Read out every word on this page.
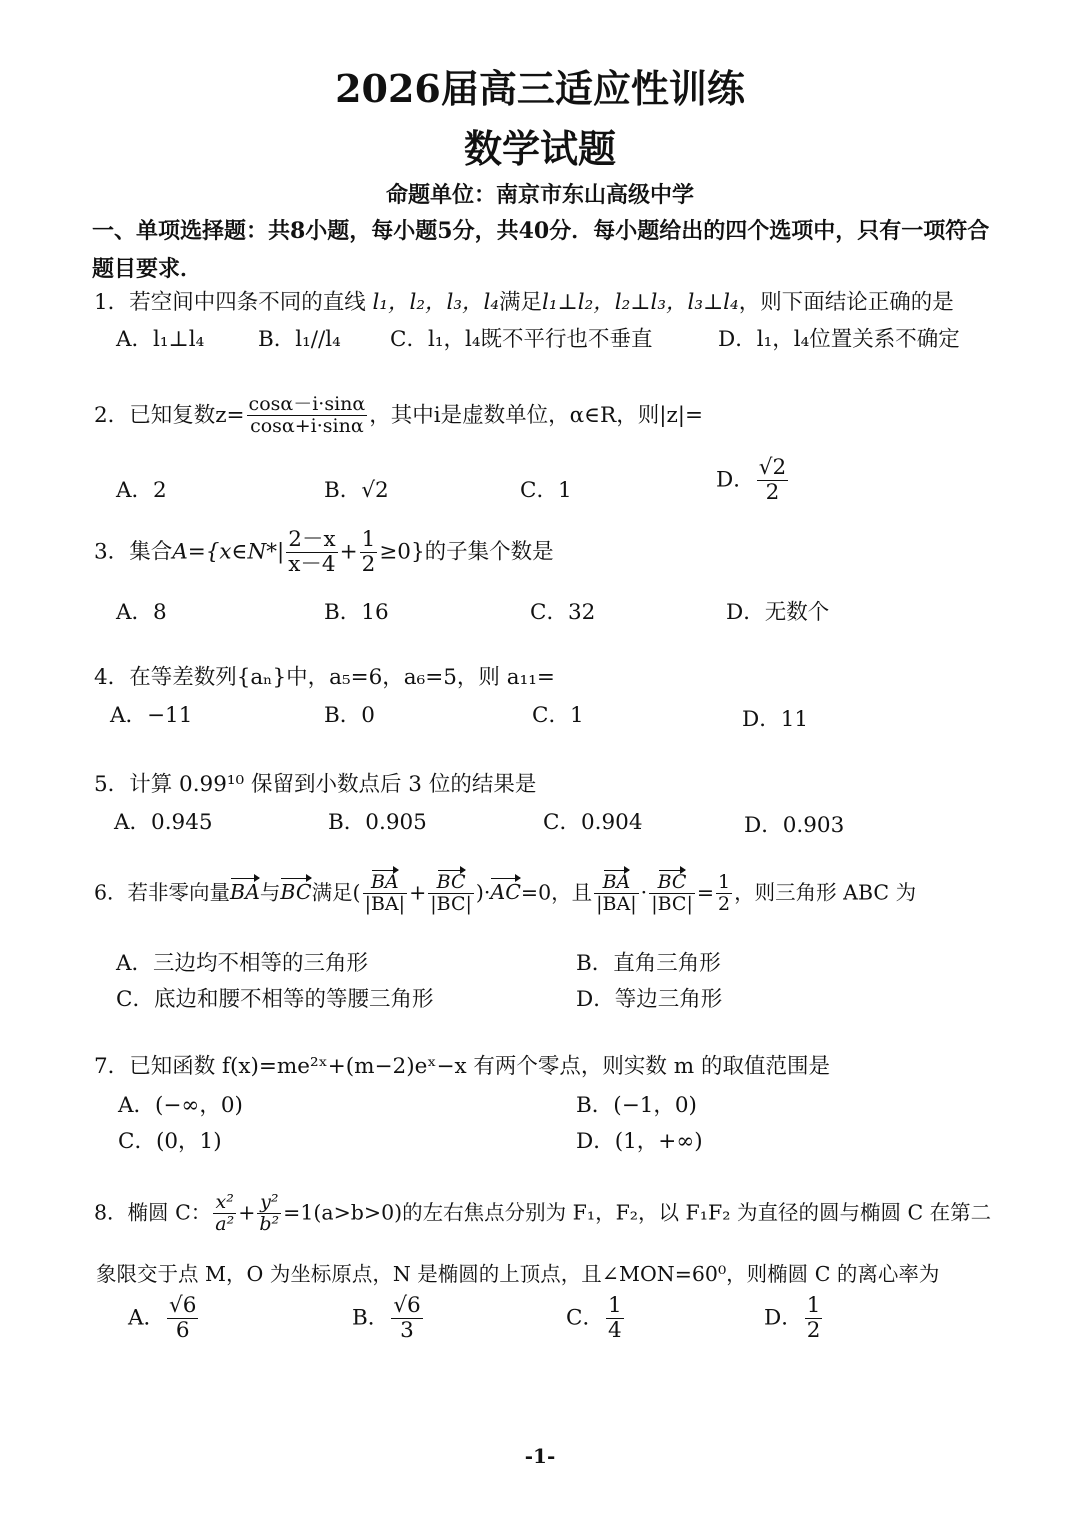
2026届高三适应性训练
数学试题
命题单位：南京市东山高级中学
一、单项选择题：共8小题，每小题5分，共40分．每小题给出的四个选项中，只有一项符合题目要求．
1．若空间中四条不同的直线 l₁，l₂，l₃，l₄满足l₁⊥l₂，l₂⊥l₃，l₃⊥l₄，则下面结论正确的是
A．l₁⊥l₄	B．l₁//l₄ C．l₁，l₄既不平行也不垂直	D．l₁，l₄位置关系不确定
2．已知复数$z= \frac{\cos\alpha-i\cdot\sin\alpha}{\cos\alpha+i\cdot\sin\alpha}$ ，其中i是虚数单位，α∈R，则|z|=
A．2	B．√2	C．1	D． $\frac{√2}{2}$
3．集合A={x∈N*| $\frac{2-x}{x-4} + \frac{1}{2} \ge 0$}的子集个数是
A．8	B．16	C．32	D．无数个
4．在等差数列{aₙ}中，a₅=6，a₆=5，则 a₁₁=
A．−11	B．0	C．1	D．11
5．计算 0.99¹⁰ 保留到小数点后 3 位的结果是
A．0.945	B．0.905	C．0.904	D．0.903
6．若非零向量BA与BC满足( $\frac{BA}{|BA|} + \frac{BC}{|BC|} )\cdot AC=0$，且 $\frac{BA}{|BA|} \cdot \frac{BC}{|BC|} = \frac{1}{2}$ ，则三角形 ABC 为
A．三边均不相等的三角形	B．直角三角形
C．底边和腰不相等的等腰三角形	D．等边三角形
7．已知函数 f(x)=me²ˣ+(m−2)eˣ−x 有两个零点，则实数 m 的取值范围是
A．(−∞，0)	B．(−1，0)
C．(0，1)	D．(1，+∞)
8．椭圆 C： $\frac{\text{x²}}{\text{a²}} + \frac{\text{y²}}{\text{b²}} =1(a>b>0)$的左右焦点分别为 F₁，F₂，以 F₁F₂ 为直径的圆与椭圆 C 在第二
象限交于点 M，O 为坐标原点，N 是椭圆的上顶点，且∠MON=60⁰，则椭圆 C 的离心率为
A． $\frac{√6}{6}$	B． $\frac{√6}{3}$	C． $\frac{1}{4}$	D． $\frac{1}{2}$
-1-
